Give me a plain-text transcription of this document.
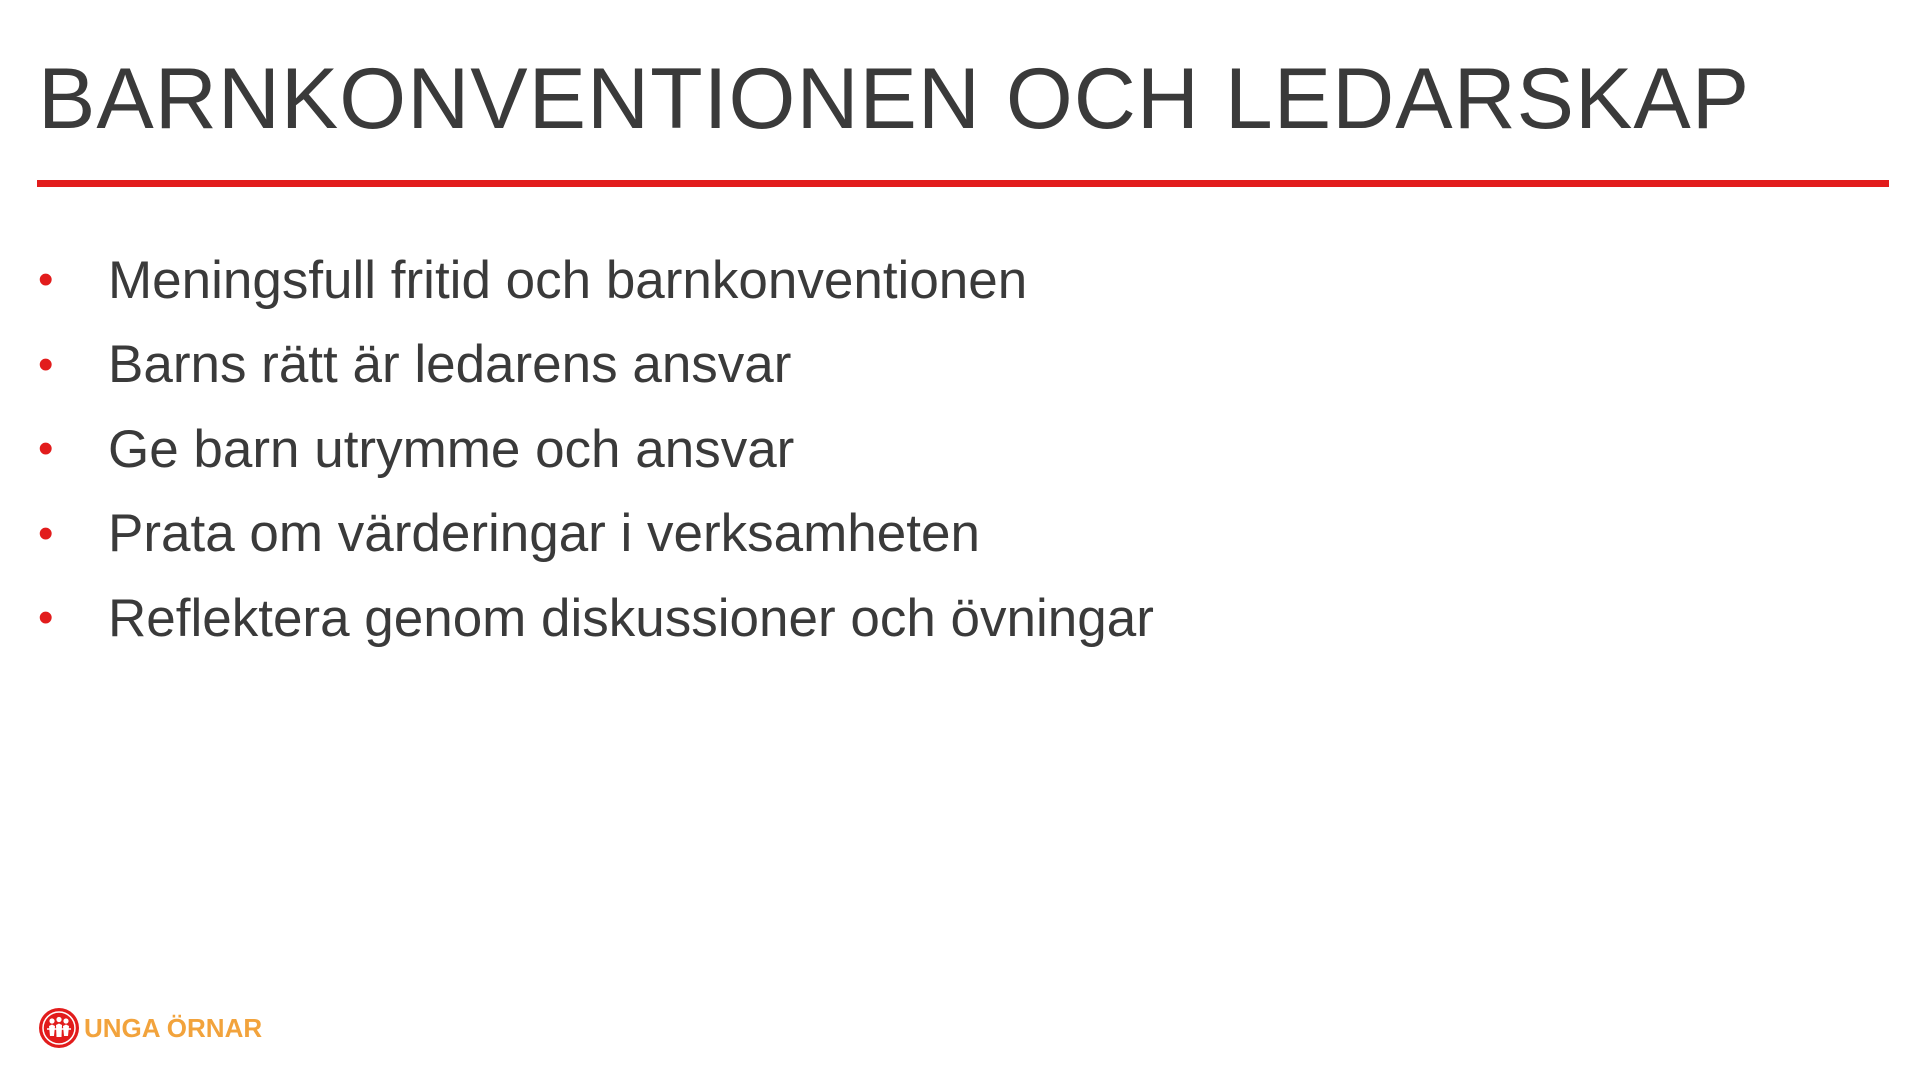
BARNKONVENTIONEN OCH LEDARSKAP
•	Meningsfull fritid och barnkonventionen
•	Barns rätt är ledarens ansvar
•	Ge barn utrymme och ansvar
•	Prata om värderingar i verksamheten
•	Reflektera genom diskussioner och övningar
UNGA ÖRNAR
